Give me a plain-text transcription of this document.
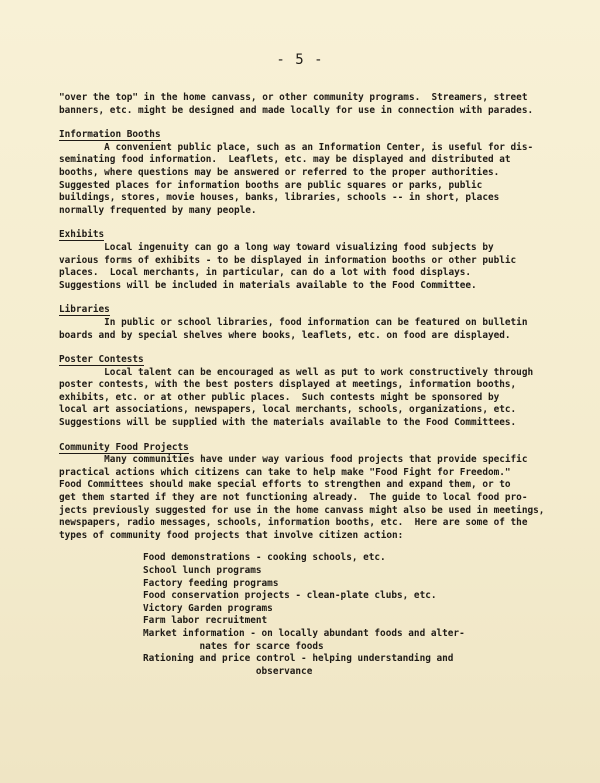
- 5 -

"over the top" in the home canvass, or other community programs.  Streamers, street
banners, etc. might be designed and made locally for use in connection with parades.

Information Booths

A convenient public place, such as an Information Center, is useful for dis-
seminating food information.  Leaflets, etc. may be displayed and distributed at
booths, where questions may be answered or referred to the proper authorities.
Suggested places for information booths are public squares or parks, public
buildings, stores, movie houses, banks, libraries, schools -- in short, places
normally frequented by many people.

Exhibits

Local ingenuity can go a long way toward visualizing food subjects by
various forms of exhibits - to be displayed in information booths or other public
places.  Local merchants, in particular, can do a lot with food displays.
Suggestions will be included in materials available to the Food Committee.

Libraries

In public or school libraries, food information can be featured on bulletin
boards and by special shelves where books, leaflets, etc. on food are displayed.

Poster Contests

Local talent can be encouraged as well as put to work constructively through
poster contests, with the best posters displayed at meetings, information booths,
exhibits, etc. or at other public places.  Such contests might be sponsored by
local art associations, newspapers, local merchants, schools, organizations, etc.
Suggestions will be supplied with the materials available to the Food Committees.

Community Food Projects

Many communities have under way various food projects that provide specific
practical actions which citizens can take to help make "Food Fight for Freedom."
Food Committees should make special efforts to strengthen and expand them, or to
get them started if they are not functioning already.  The guide to local food pro-
jects previously suggested for use in the home canvass might also be used in meetings,
newspapers, radio messages, schools, information booths, etc.  Here are some of the
types of community food projects that involve citizen action:

Food demonstrations - cooking schools, etc.
School lunch programs
Factory feeding programs
Food conservation projects - clean-plate clubs, etc.
Victory Garden programs
Farm labor recruitment
Market information - on locally abundant foods and alter-
nates for scarce foods
Rationing and price control - helping understanding and
observance
